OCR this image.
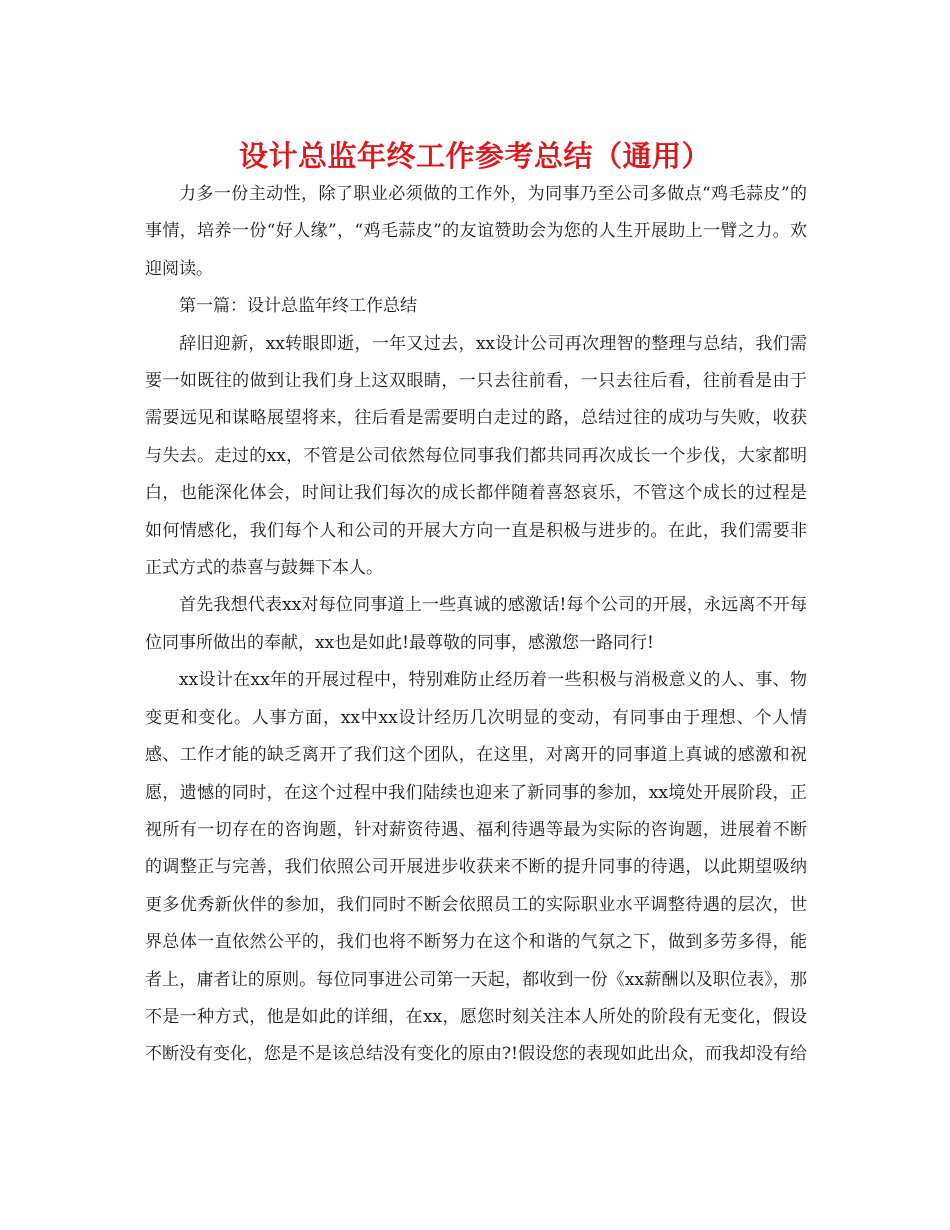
设计总监年终工作参考总结（通用）

力多一份主动性，除了职业必须做的工作外，为同事乃至公司多做点“鸡毛蒜皮”的事情，培养一份“好人缘”，“鸡毛蒜皮”的友谊赞助会为您的人生开展助上一臂之力。欢迎阅读。

第一篇：设计总监年终工作总结

辞旧迎新，xx转眼即逝，一年又过去，xx设计公司再次理智的整理与总结，我们需要一如既往的做到让我们身上这双眼睛，一只去往前看，一只去往后看，往前看是由于需要远见和谋略展望将来，往后看是需要明白走过的路，总结过往的成功与失败，收获与失去。走过的xx，不管是公司依然每位同事我们都共同再次成长一个步伐，大家都明白，也能深化体会，时间让我们每次的成长都伴随着喜怒哀乐，不管这个成长的过程是如何情感化，我们每个人和公司的开展大方向一直是积极与进步的。在此，我们需要非正式方式的恭喜与鼓舞下本人。

首先我想代表xx对每位同事道上一些真诚的感激话!每个公司的开展，永远离不开每位同事所做出的奉献，xx也是如此!最尊敬的同事，感激您一路同行!

xx设计在xx年的开展过程中，特别难防止经历着一些积极与消极意义的人、事、物变更和变化。人事方面，xx中xx设计经历几次明显的变动，有同事由于理想、个人情感、工作才能的缺乏离开了我们这个团队，在这里，对离开的同事道上真诚的感激和祝愿，遗憾的同时，在这个过程中我们陆续也迎来了新同事的参加，xx境处开展阶段，正视所有一切存在的咨询题，针对薪资待遇、福利待遇等最为实际的咨询题，进展着不断的调整正与完善，我们依照公司开展进步收获来不断的提升同事的待遇，以此期望吸纳更多优秀新伙伴的参加，我们同时不断会依照员工的实际职业水平调整待遇的层次，世界总体一直依然公平的，我们也将不断努力在这个和谐的气氛之下，做到多劳多得，能者上，庸者让的原则。每位同事进公司第一天起，都收到一份《xx薪酬以及职位表》，那不是一种方式，他是如此的详细，在xx，愿您时刻关注本人所处的阶段有无变化，假设不断没有变化，您是不是该总结没有变化的原由?!假设您的表现如此出众，而我却没有给
